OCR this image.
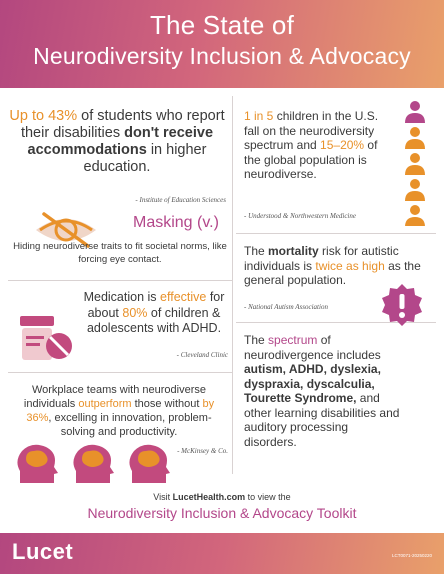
The State of
Neurodiversity Inclusion & Advocacy
Up to 43% of students who report their disabilities don't receive accommodations in higher education.
- Institute of Education Sciences
Masking (v.)
Hiding neurodiverse traits to fit societal norms, like forcing eye contact.
Medication is effective for about 80% of children & adolescents with ADHD.
- Cleveland Clinic
Workplace teams with neurodiverse individuals outperform those without by 36%, excelling in innovation, problem-solving and productivity.
- McKinsey & Co.
1 in 5 children in the U.S. fall on the neurodiversity spectrum and 15–20% of the global population is neurodiverse.
- Understood & Northwestern Medicine
The mortality risk for autistic individuals is twice as high as the general population.
- National Autism Association
The spectrum of neurodivergence includes autism, ADHD, dyslexia, dyspraxia, dyscalculia, Tourette Syndrome, and other learning disabilities and auditory processing disorders.
Visit LucetHealth.com to view the
Neurodiversity Inclusion & Advocacy Toolkit
Lucet	LCT0071-20250220
